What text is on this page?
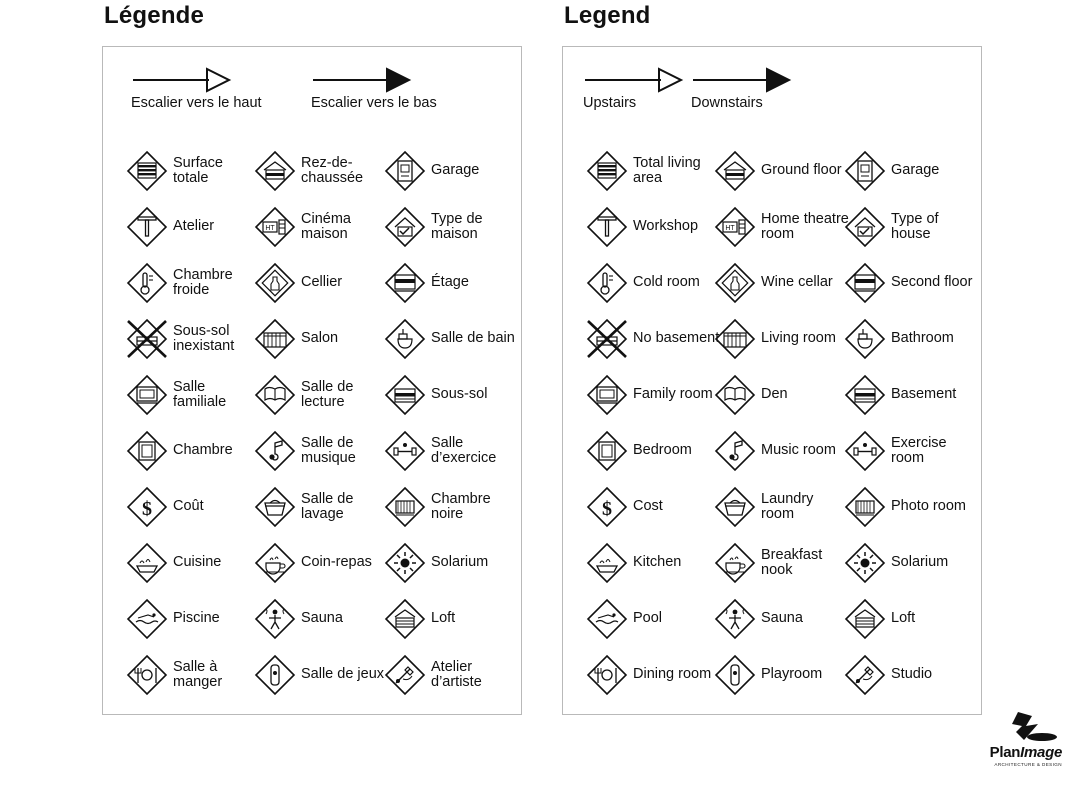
Légende
Escalier vers le haut	Escalier vers le bas
Surface totale
Atelier
Chambre froide
Sous-sol inexistant
Salle familiale
Chambre
$ Coût
Cuisine
Piscine
Salle à manger
Rez-de-chaussée
HT
Cinéma maison
Cellier
Salon
Salle de lecture
Salle de musique
Salle de lavage
Coin-repas
Sauna
Salle de jeux
Garage
Type de maison
Étage
Salle de bain
Sous-sol
Salle d’exercice
Chambre noire
Solarium
Loft
Atelier d’artiste
Legend
Upstairs	Downstairs
Total living area
Workshop
Cold room
No basement
Family room
Bedroom
$ Cost
Kitchen
Pool
Dining room
Ground floor
HT
Home theatre room
Wine cellar
Living room
Den
Music room
Laundry room
Breakfast nook
Sauna
Playroom
Garage
Type of house
Second floor
Bathroom
Basement
Exercise room
Photo room
Solarium
Loft
Studio
PlanImage
ARCHITECTURE & DESIGN
